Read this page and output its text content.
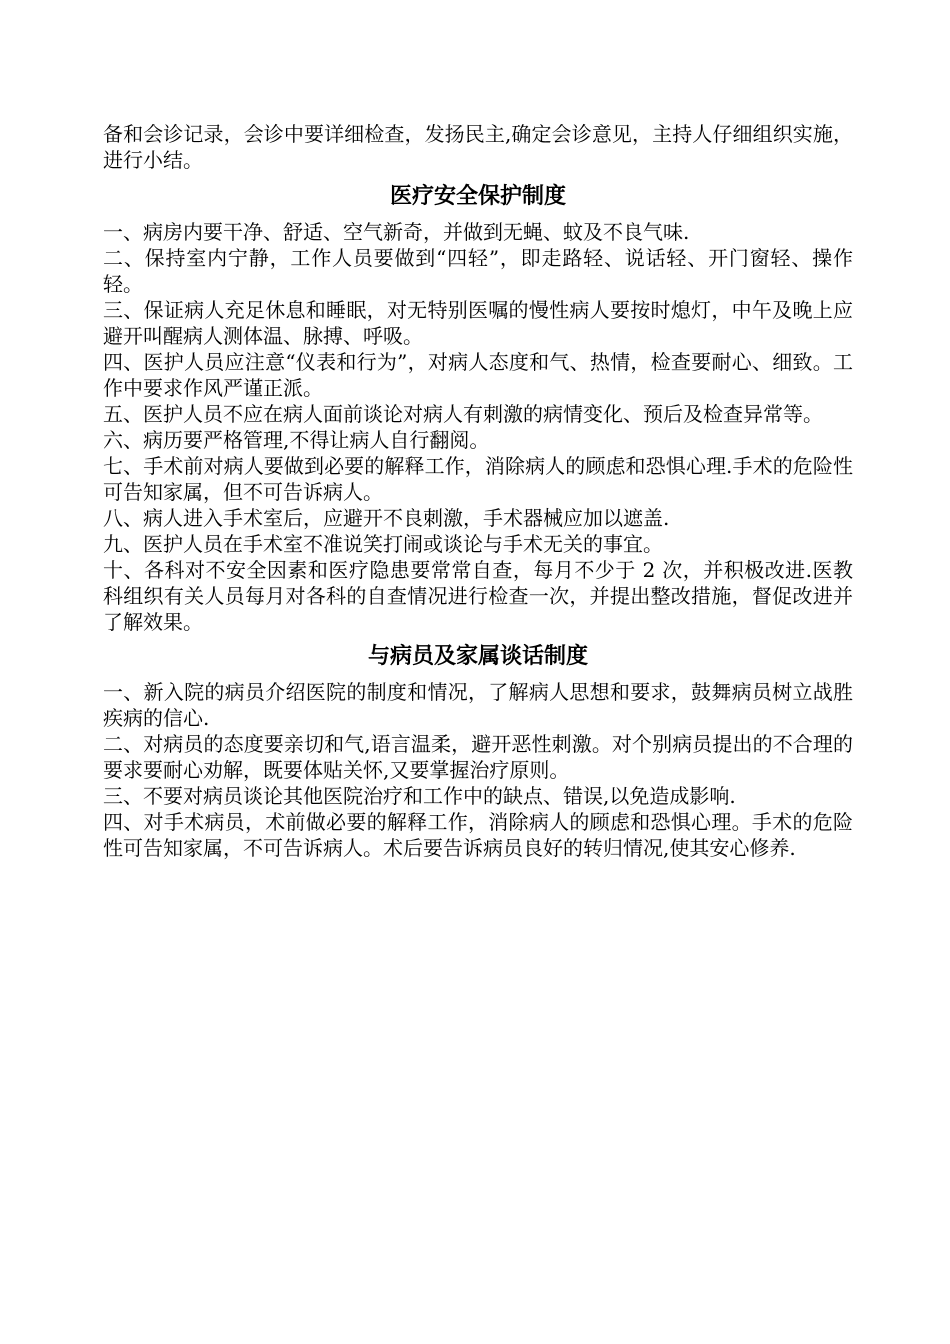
备和会诊记录，会诊中要详细检查，发扬民主,确定会诊意见，主持人仔细组织实施，进行小结。

医疗安全保护制度

一、病房内要干净、舒适、空气新奇，并做到无蝇、蚊及不良气味.

二、保持室内宁静，工作人员要做到“四轻”，即走路轻、说话轻、开门窗轻、操作轻。

三、保证病人充足休息和睡眠，对无特别医嘱的慢性病人要按时熄灯，中午及晚上应避开叫醒病人测体温、脉搏、呼吸。

四、医护人员应注意“仪表和行为”，对病人态度和气、热情，检查要耐心、细致。工作中要求作风严谨正派。

五、医护人员不应在病人面前谈论对病人有刺激的病情变化、预后及检查异常等。

六、病历要严格管理,不得让病人自行翻阅。

七、手术前对病人要做到必要的解释工作，消除病人的顾虑和恐惧心理.手术的危险性可告知家属，但不可告诉病人。

八、病人进入手术室后，应避开不良刺激，手术器械应加以遮盖.

九、医护人员在手术室不准说笑打闹或谈论与手术无关的事宜。

十、各科对不安全因素和医疗隐患要常常自查，每月不少于 2 次，并积极改进.医教科组织有关人员每月对各科的自查情况进行检查一次，并提出整改措施，督促改进并了解效果。

与病员及家属谈话制度

一、新入院的病员介绍医院的制度和情况，了解病人思想和要求，鼓舞病员树立战胜疾病的信心.

二、对病员的态度要亲切和气,语言温柔，避开恶性刺激。对个别病员提出的不合理的要求要耐心劝解，既要体贴关怀,又要掌握治疗原则。

三、不要对病员谈论其他医院治疗和工作中的缺点、错误,以免造成影响.

四、对手术病员，术前做必要的解释工作，消除病人的顾虑和恐惧心理。手术的危险性可告知家属，不可告诉病人。术后要告诉病员良好的转归情况,使其安心修养.
